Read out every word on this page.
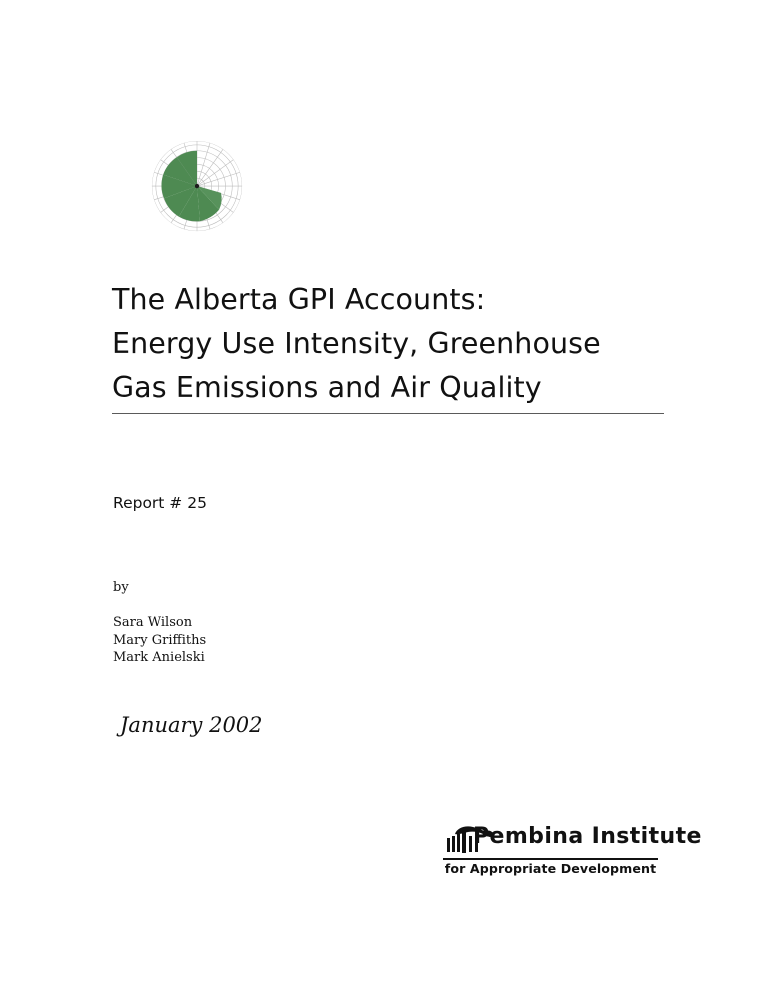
The Alberta GPI Accounts:
Energy Use Intensity, Greenhouse
Gas Emissions and Air Quality
Report # 25
by
Sara Wilson
Mary Griffiths
Mark Anielski
January 2002
Pembina Institute
for Appropriate Development
